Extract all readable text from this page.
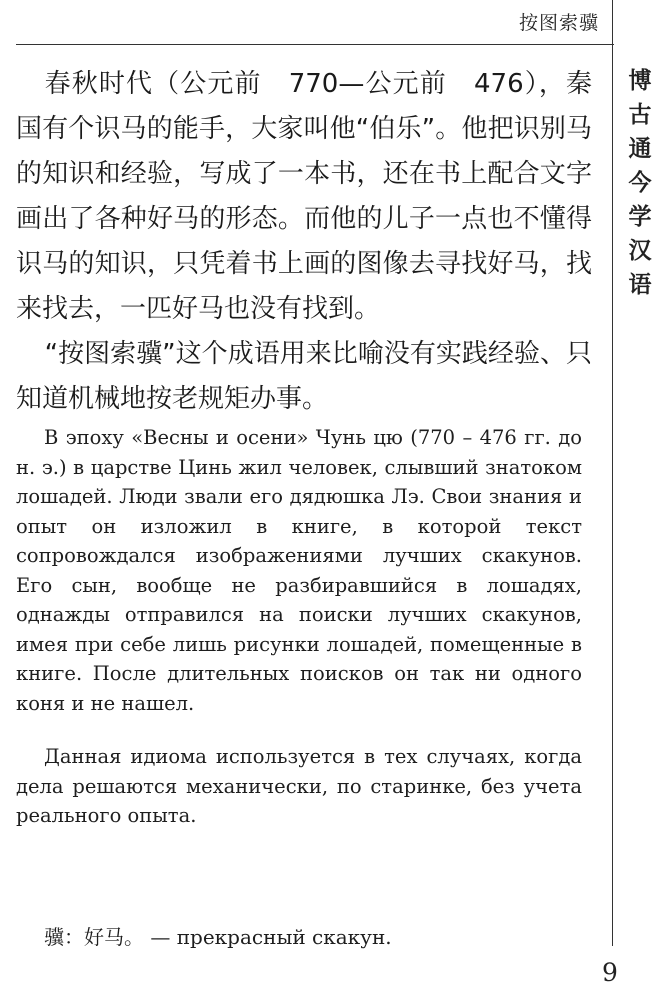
按图索骥
博
古
通
今
学
汉
语

春秋时代（公元前　770—公元前　476），秦国有个识马的能手，大家叫他“伯乐”。他把识别马的知识和经验，写成了一本书，还在书上配合文字画出了各种好马的形态。而他的儿子一点也不懂得识马的知识，只凭着书上画的图像去寻找好马，找来找去，一匹好马也没有找到。

“按图索骥”这个成语用来比喻没有实践经验、只知道机械地按老规矩办事。

В эпоху «Весны и осени» Чунь цю (770 – 476 гг. до н. э.) в царстве Цинь жил человек, слывший знатоком лошадей. Люди звали его дядюшка Лэ. Свои знания и опыт он изложил в книге, в которой текст сопровождался изображениями лучших скакунов. Его сын, вообще не разбиравшийся в лошадях, однажды отправился на поиски лучших скакунов, имея при себе лишь рисунки лошадей, помещенные в книге. После длительных поисков он так ни одного коня и не нашел.

Данная идиома используется в тех случаях, когда дела решаются механически, по старинке, без учета реального опыта.

骥：好马。 — прекрасный скакун.
9
